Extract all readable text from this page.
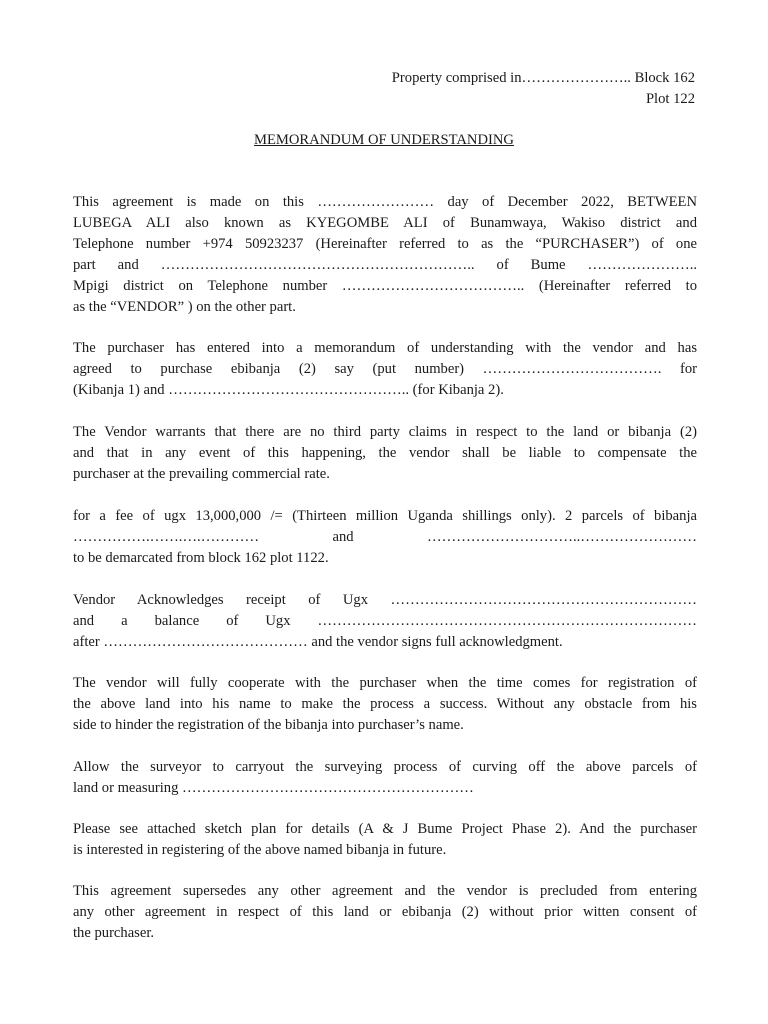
Property comprised in………………….. Block 162
Plot 122
MEMORANDUM OF UNDERSTANDING
This agreement is made on this …………………… day of December 2022, BETWEEN
LUBEGA ALI also known as KYEGOMBE ALI of Bunamwaya, Wakiso district and
Telephone number +974 50923237 (Hereinafter referred to as the “PURCHASER”) of one
part and ……………………………………………………….. of Bume …………………..
Mpigi district on Telephone number ……………………………….. (Hereinafter referred to
as the “VENDOR” ) on the other part.
The purchaser has entered into a memorandum of understanding with the vendor and has
agreed to purchase ebibanja (2) say (put number) ………………………………. for
(Kibanja 1) and ………………………………………….. (for Kibanja 2).
The Vendor warrants that there are no third party claims in respect to the land or bibanja (2)
and that in any event of this happening, the vendor shall be liable to compensate the
purchaser at the prevailing commercial rate.
for a fee of ugx 13,000,000 /= (Thirteen million Uganda shillings only). 2 parcels of bibanja
…………….…….….………… and …………………………..……………………
to be demarcated from block 162 plot 1122.
Vendor Acknowledges receipt of Ugx ………………………………………………………
and a balance of Ugx ……………………………………………………………………
after …………………………………… and the vendor signs full acknowledgment.
The vendor will fully cooperate with the purchaser when the time comes for registration of
the above land into his name to make the process a success. Without any obstacle from his
side to hinder the registration of the bibanja into purchaser’s name.
Allow the surveyor to carryout the surveying process of curving off the above parcels of
land or measuring ……………………………………………………
Please see attached sketch plan for details (A & J Bume Project Phase 2). And the purchaser
is interested in registering of the above named bibanja in future.
This agreement supersedes any other agreement and the vendor is precluded from entering
any other agreement in respect of this land or ebibanja (2) without prior witten consent of
the purchaser.
